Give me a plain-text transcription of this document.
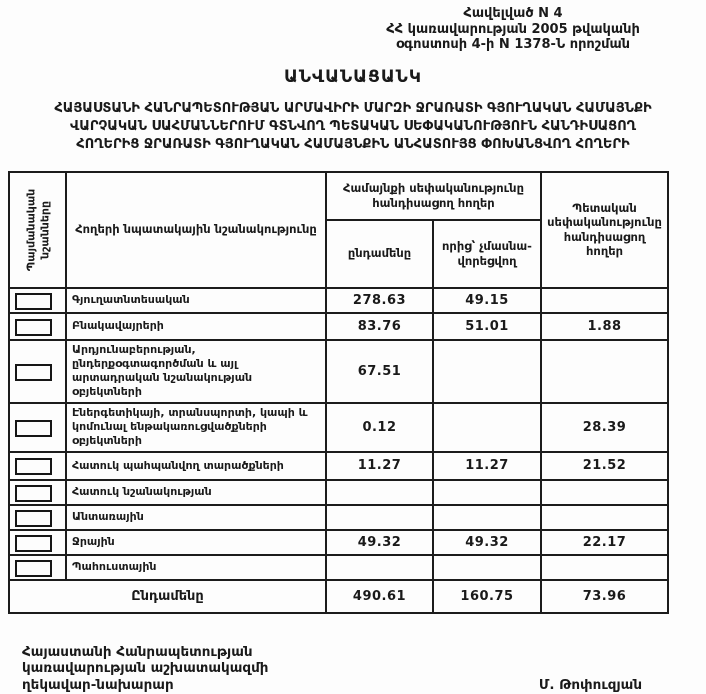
Հավելված N 4
ՀՀ կառավարության 2005 թվականի
օգոստոսի 4-ի N 1378-Ն որոշման
ԱՆՎԱՆԱՑԱՆԿ
ՀԱՅԱՍՏԱՆԻ ՀԱՆՐԱՊԵՏՈՒԹՅԱՆ ԱՐՄԱՎԻՐԻ ՄԱՐԶԻ ՋՐԱՌԱՏԻ ԳՅՈՒՂԱԿԱՆ ՀԱՄԱՅՆՔԻ
ՎԱՐՉԱԿԱՆ ՍԱՀՄԱՆՆԵՐՈՒՄ ԳՏՆՎՈՂ ՊԵՏԱԿԱՆ ՍԵՓԱԿԱՆՈՒԹՅՈՒՆ ՀԱՆԴԻՍԱՑՈՂ
ՀՈՂԵՐԻՑ ՋՐԱՌԱՏԻ ԳՅՈՒՂԱԿԱՆ ՀԱՄԱՅՆՔԻՆ ԱՆՀԱՏՈՒՅՑ ՓՈԽԱՆՑՎՈՂ ՀՈՂԵՐԻ
Պայմանական նշանները	Հողերի նպատակային նշանակությունը	Համայնքի սեփականությունը հանդիսացող հողեր		Պետական սեփականությունը հանդիսացող հողեր
		ընդամենը	որից՝ չմասնա-
վորեցվող	
	Գյուղատնտեսական	278.63	49.15	
	Բնակավայրերի	83.76	51.01	1.88
	Արդյունաբերության, ընդերքօգտագործման և այլ արտադրական նշանակության օբյեկտների	67.51		
	Էներգետիկայի, տրանսպորտի, կապի և կոմունալ ենթակառուցվածքների օբյեկտների	0.12		28.39
	Հատուկ պահպանվող տարածքների	11.27	11.27	21.52
	Հատուկ նշանակության			
	Անտառային			
	Ջրային	49.32	49.32	22.17
	Պահուստային			
Ընդամենը		490.61	160.75	73.96
Հայաստանի Հանրապետության
կառավարության աշխատակազմի
ղեկավար-նախարար	Մ. Թոփուզյան
